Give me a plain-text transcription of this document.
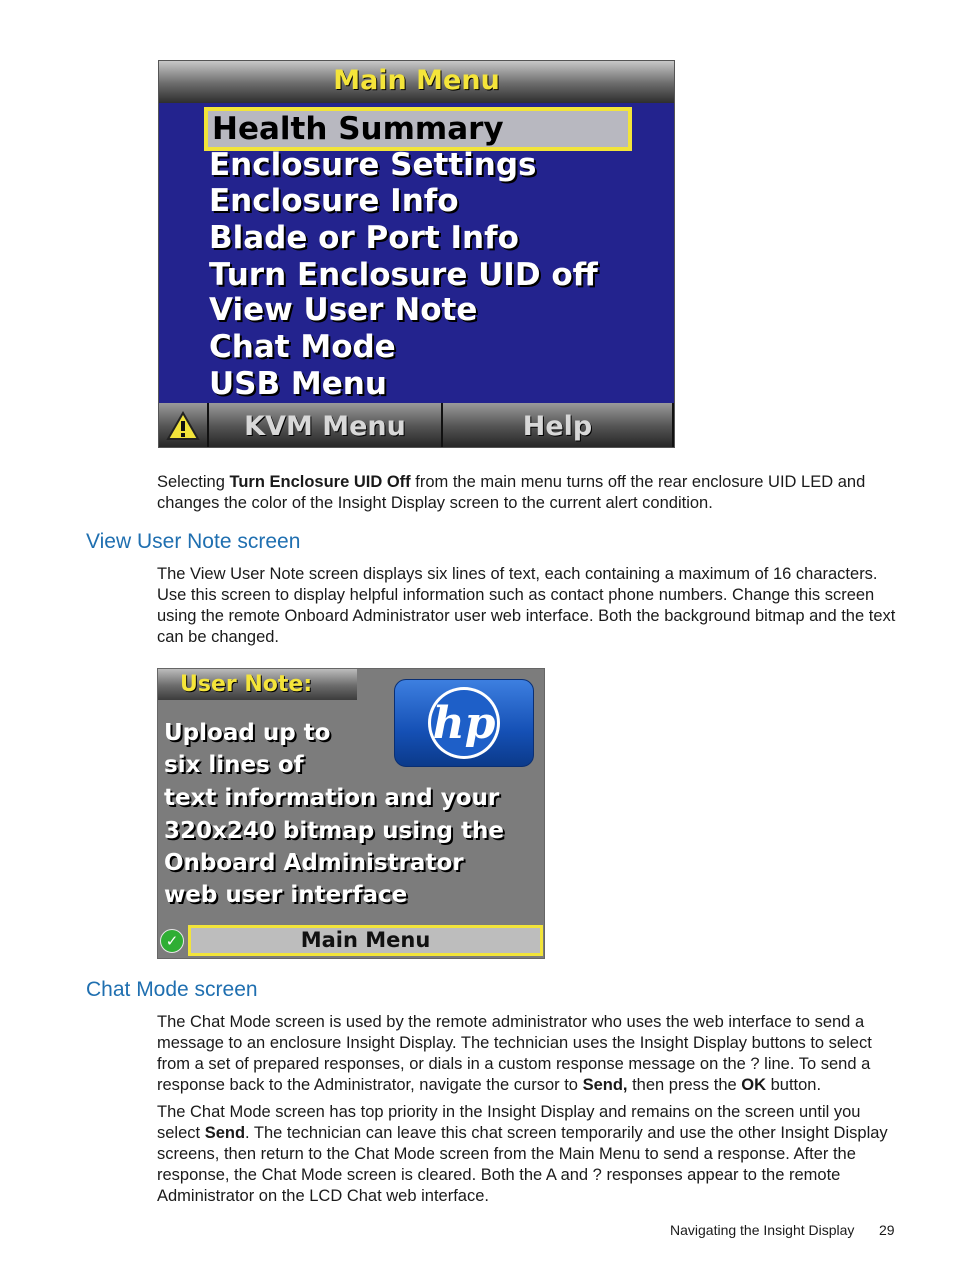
Main Menu
Health Summary
Enclosure Settings
Enclosure Info
Blade or Port Info
Turn Enclosure UID off
View User Note
Chat Mode
USB Menu
KVM Menu	Help

Selecting Turn Enclosure UID Off from the main menu turns off the rear enclosure UID LED and changes the color of the Insight Display screen to the current alert condition.

View User Note screen

The View User Note screen displays six lines of text, each containing a maximum of 16 characters. Use this screen to display helpful information such as contact phone numbers. Change this screen using the remote Onboard Administrator user web interface. Both the background bitmap and the text can be changed.

User Note:
hp
Upload up to
six lines of
text information and your
320x240 bitmap using the
Onboard Administrator
web user interface
✓	Main Menu
Chat Mode screen

The Chat Mode screen is used by the remote administrator who uses the web interface to send a message to an enclosure Insight Display. The technician uses the Insight Display buttons to select from a set of prepared responses, or dials in a custom response message on the ? line. To send a response back to the Administrator, navigate the cursor to Send, then press the OK button.

The Chat Mode screen has top priority in the Insight Display and remains on the screen until you select Send. The technician can leave this chat screen temporarily and use the other Insight Display screens, then return to the Chat Mode screen from the Main Menu to send a response. After the response, the Chat Mode screen is cleared. Both the A and ? responses appear to the remote Administrator on the LCD Chat web interface.

Navigating the Insight Display 29
